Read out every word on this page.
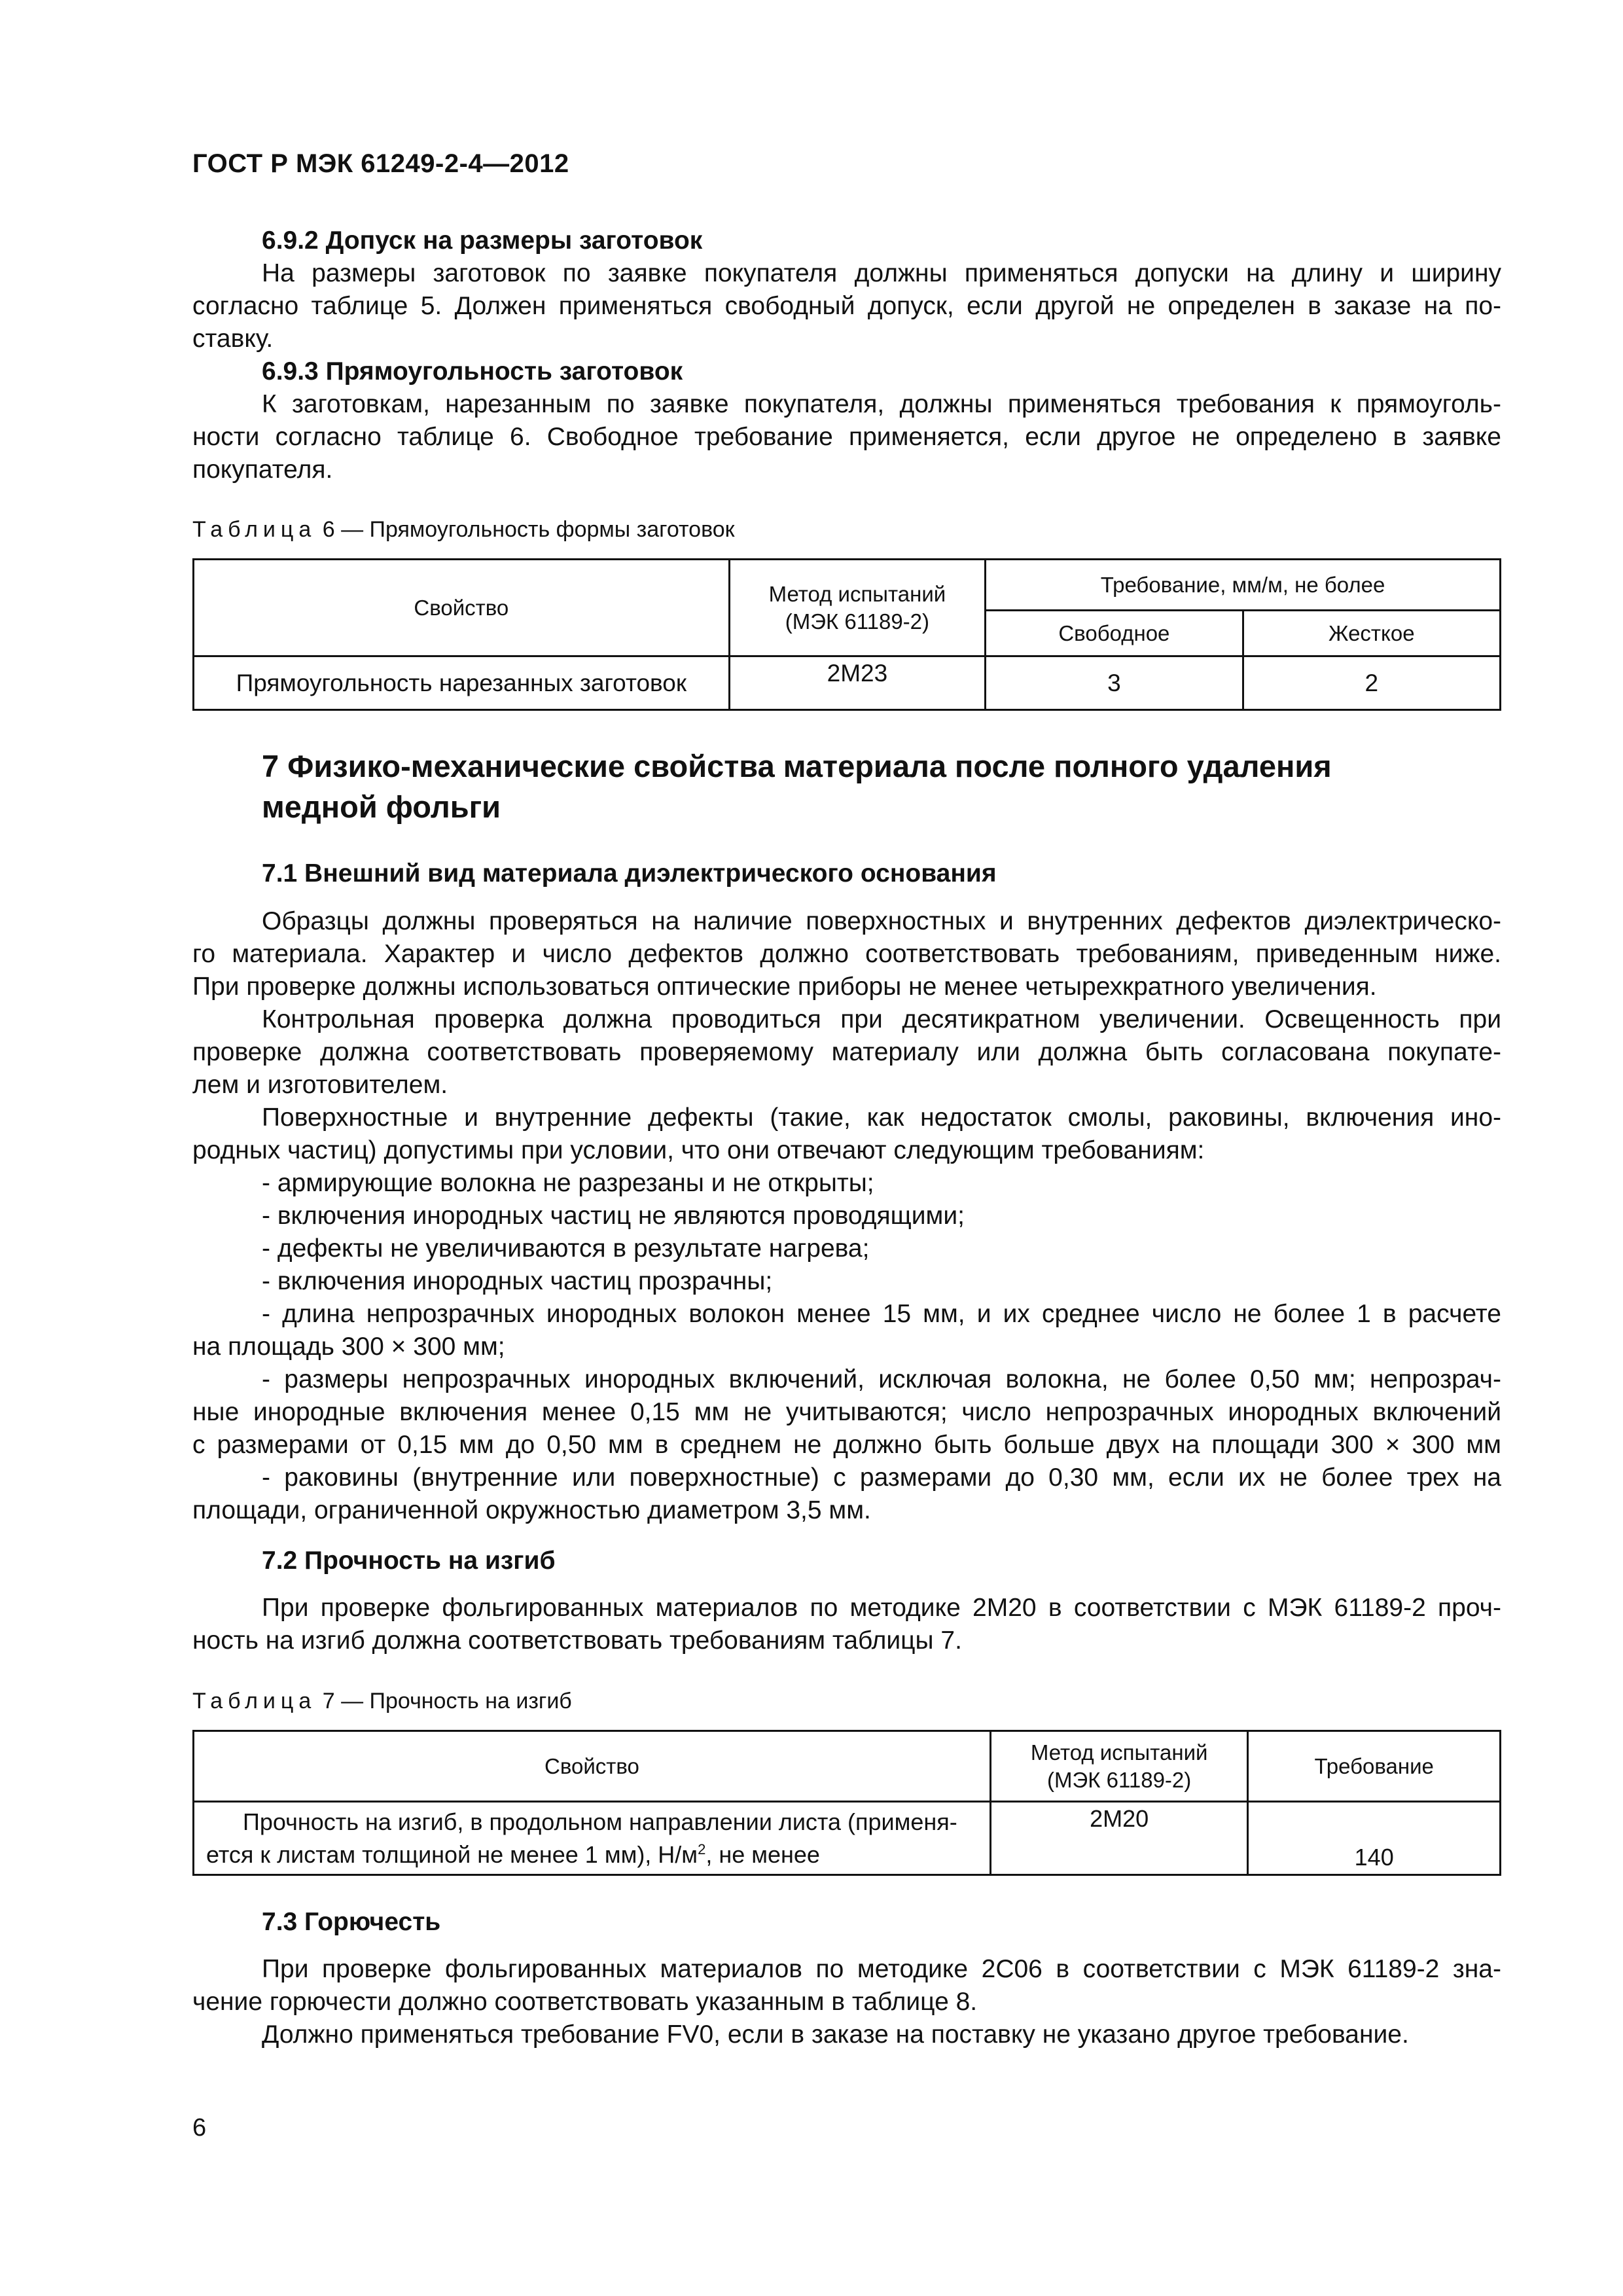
ГОСТ Р МЭК 61249-2-4—2012
6.9.2 Допуск на размеры заготовок
На размеры заготовок по заявке покупателя должны применяться допуски на длину и ширину
согласно таблице 5. Должен применяться свободный допуск, если другой не определен в заказе на по-
ставку.
6.9.3 Прямоугольность заготовок
К заготовкам, нарезанным по заявке покупателя, должны применяться требования к прямоуголь-
ности согласно таблице 6. Свободное требование применяется, если другое не определено в заявке
покупателя.
Таблица 6 — Прямоугольность формы заготовок
Свойство	Метод испытаний
(МЭК 61189-2)	Требование, мм/м, не более	
		Свободное	Жесткое
Прямоугольность нарезанных заготовок	2M23	3	2
7 Физико-механические свойства материала после полного удаления
медной фольги
7.1 Внешний вид материала диэлектрического основания
Образцы должны проверяться на наличие поверхностных и внутренних дефектов диэлектрическо-
го материала. Характер и число дефектов должно соответствовать требованиям, приведенным ниже.
При проверке должны использоваться оптические приборы не менее четырехкратного увеличения.
Контрольная проверка должна проводиться при десятикратном увеличении. Освещенность при
проверке должна соответствовать проверяемому материалу или должна быть согласована покупате-
лем и изготовителем.
Поверхностные и внутренние дефекты (такие, как недостаток смолы, раковины, включения ино-
родных частиц) допустимы при условии, что они отвечают следующим требованиям:
- армирующие волокна не разрезаны и не открыты;
- включения инородных частиц не являются проводящими;
- дефекты не увеличиваются в результате нагрева;
- включения инородных частиц прозрачны;
- длина непрозрачных инородных волокон менее 15 мм, и их среднее число не более 1 в расчете
на площадь 300 × 300 мм;
- размеры непрозрачных инородных включений, исключая волокна, не более 0,50 мм; непрозрач-
ные инородные включения менее 0,15 мм не учитываются; число непрозрачных инородных включений
с размерами от 0,15 мм до 0,50 мм в среднем не должно быть больше двух на площади 300 × 300 мм
- раковины (внутренние или поверхностные) с размерами до 0,30 мм, если их не более трех на
площади, ограниченной окружностью диаметром 3,5 мм.
7.2 Прочность на изгиб
При проверке фольгированных материалов по методике 2M20 в соответствии с МЭК 61189-2 проч-
ность на изгиб должна соответствовать требованиям таблицы 7.
Таблица 7 — Прочность на изгиб
Свойство	Метод испытаний
(МЭК 61189-2)	Требование

Прочность на изгиб, в продольном направлении листа (применя-
ется к листам толщиной не менее 1 мм), $Н/м^2$, не менее	2M20	140
7.3 Горючесть
При проверке фольгированных материалов по методике 2C06 в соответствии с МЭК 61189-2 зна-
чение горючести должно соответствовать указанным в таблице 8.
Должно применяться требование FV0, если в заказе на поставку не указано другое требование.
6
